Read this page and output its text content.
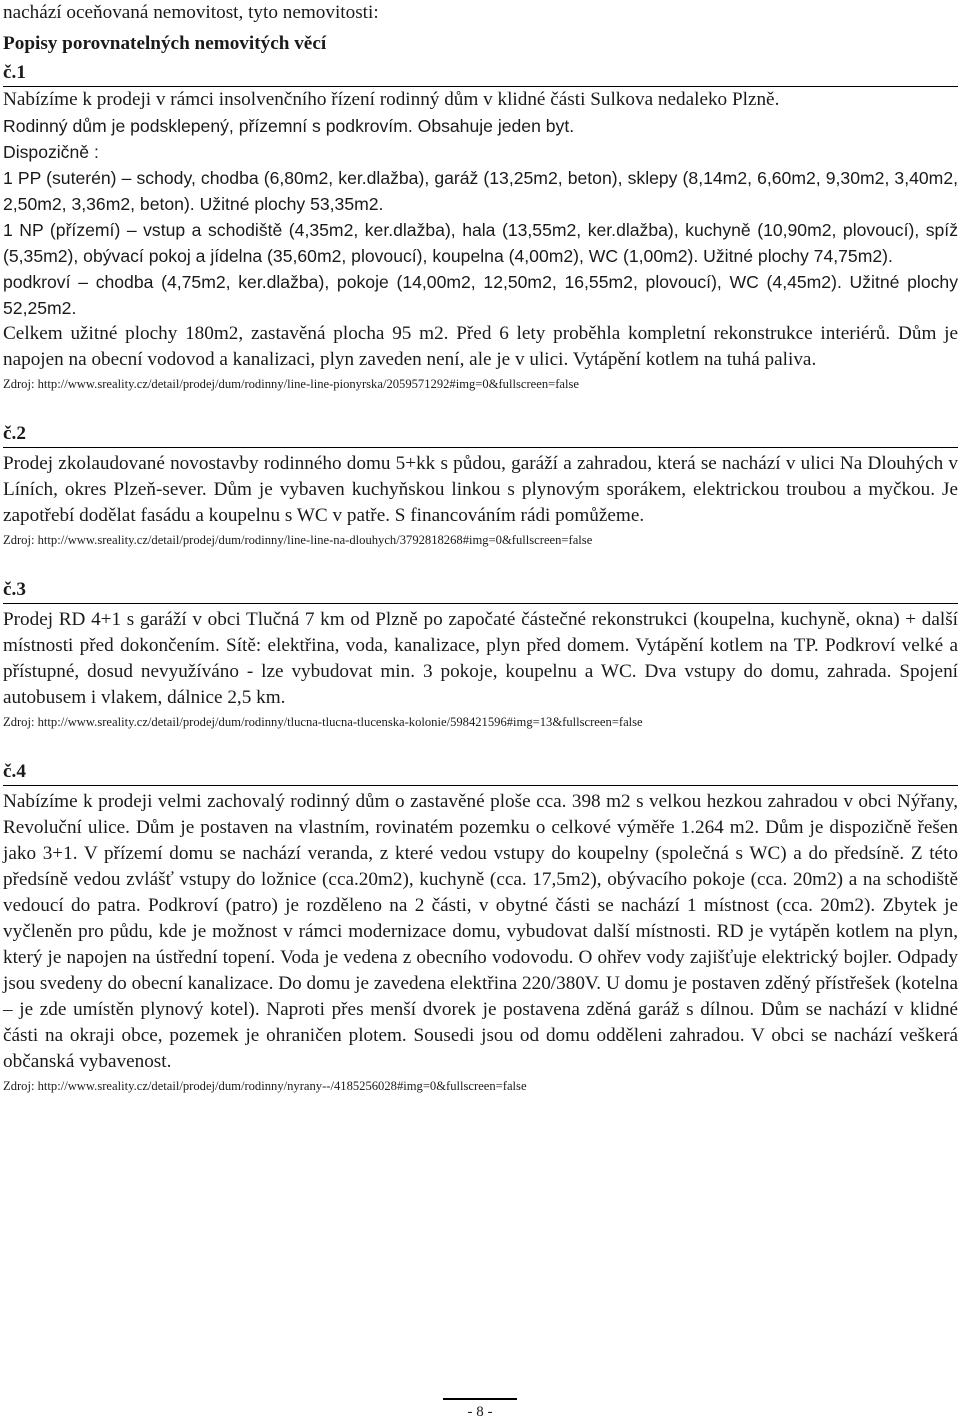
nachází oceňovaná nemovitost, tyto nemovitosti:

Popisy porovnatelných nemovitých věcí

č.1

Nabízíme k prodeji v rámci insolvenčního řízení rodinný dům v klidné části Sulkova nedaleko Plzně.

Rodinný dům je podsklepený, přízemní s podkrovím. Obsahuje jeden byt.

Dispozičně :

1 PP (suterén) – schody, chodba (6,80m2, ker.dlažba), garáž (13,25m2, beton), sklepy (8,14m2, 6,60m2, 9,30m2, 3,40m2, 2,50m2, 3,36m2, beton). Užitné plochy 53,35m2.

1 NP (přízemí) – vstup a schodiště (4,35m2, ker.dlažba), hala (13,55m2, ker.dlažba), kuchyně (10,90m2, plovoucí), spíž (5,35m2), obývací pokoj a jídelna (35,60m2, plovoucí), koupelna (4,00m2), WC (1,00m2). Užitné plochy 74,75m2).

podkroví – chodba (4,75m2, ker.dlažba), pokoje (14,00m2, 12,50m2, 16,55m2, plovoucí), WC (4,45m2). Užitné plochy 52,25m2.

Celkem užitné plochy 180m2, zastavěná plocha 95 m2. Před 6 lety proběhla kompletní rekonstrukce interiérů. Dům je napojen na obecní vodovod a kanalizaci, plyn zaveden není, ale je v ulici. Vytápění kotlem na tuhá paliva.

Zdroj: http://www.sreality.cz/detail/prodej/dum/rodinny/line-line-pionyrska/2059571292#img=0&fullscreen=false

č.2

Prodej zkolaudované novostavby rodinného domu 5+kk s půdou, garáží a zahradou, která se nachází v ulici Na Dlouhých v Líních, okres Plzeň-sever. Dům je vybaven kuchyňskou linkou s plynovým sporákem, elektrickou troubou a myčkou. Je zapotřebí dodělat fasádu a koupelnu s WC v patře. S financováním rádi pomůžeme.

Zdroj: http://www.sreality.cz/detail/prodej/dum/rodinny/line-line-na-dlouhych/3792818268#img=0&fullscreen=false

č.3

Prodej RD 4+1 s garáží v obci Tlučná 7 km od Plzně po započaté částečné rekonstrukci (koupelna, kuchyně, okna) + další místnosti před dokončením. Sítě: elektřina, voda, kanalizace, plyn před domem. Vytápění kotlem na TP. Podkroví velké a přístupné, dosud nevyužíváno - lze vybudovat min. 3 pokoje, koupelnu a WC. Dva vstupy do domu, zahrada. Spojení autobusem i vlakem, dálnice 2,5 km.

Zdroj: http://www.sreality.cz/detail/prodej/dum/rodinny/tlucna-tlucna-tlucenska-kolonie/598421596#img=13&fullscreen=false

č.4

Nabízíme k prodeji velmi zachovalý rodinný dům o zastavěné ploše cca. 398 m2 s velkou hezkou zahradou v obci Nýřany, Revoluční ulice. Dům je postaven na vlastním, rovinatém pozemku o celkové výměře 1.264 m2. Dům je dispozičně řešen jako 3+1. V přízemí domu se nachází veranda, z které vedou vstupy do koupelny (společná s WC) a do předsíně. Z této předsíně vedou zvlášť vstupy do ložnice (cca.20m2), kuchyně (cca. 17,5m2), obývacího pokoje (cca. 20m2) a na schodiště vedoucí do patra. Podkroví (patro) je rozděleno na 2 části, v obytné části se nachází 1 místnost (cca. 20m2). Zbytek je vyčleněn pro půdu, kde je možnost v rámci modernizace domu, vybudovat další místnosti. RD je vytápěn kotlem na plyn, který je napojen na ústřední topení. Voda je vedena z obecního vodovodu. O ohřev vody zajišťuje elektrický bojler. Odpady jsou svedeny do obecní kanalizace. Do domu je zavedena elektřina 220/380V. U domu je postaven zděný přístřešek (kotelna – je zde umístěn plynový kotel). Naproti přes menší dvorek je postavena zděná garáž s dílnou. Dům se nachází v klidné části na okraji obce, pozemek je ohraničen plotem. Sousedi jsou od domu odděleni zahradou. V obci se nachází veškerá občanská vybavenost.

Zdroj: http://www.sreality.cz/detail/prodej/dum/rodinny/nyrany--/4185256028#img=0&fullscreen=false

- 8 -
